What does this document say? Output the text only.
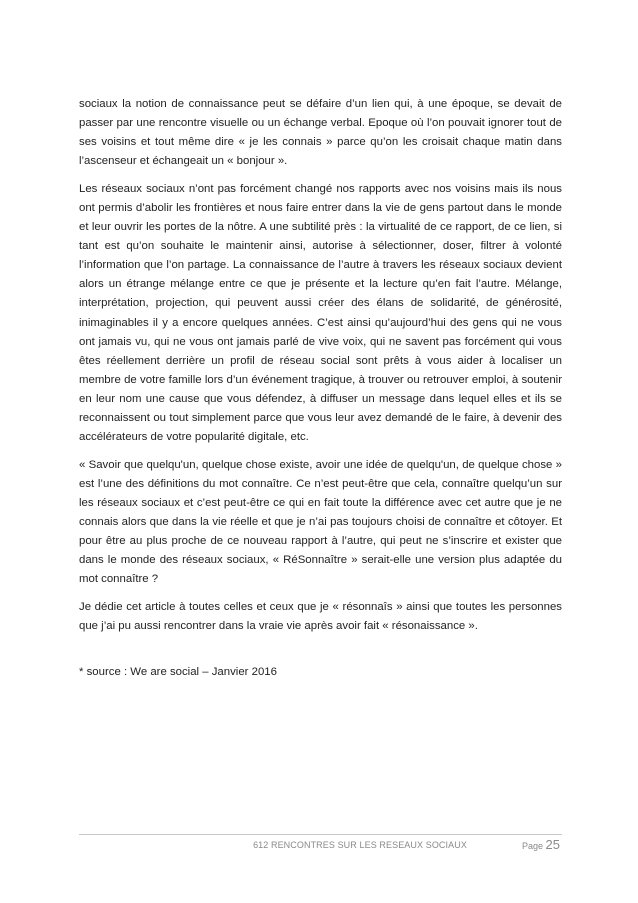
sociaux la notion de connaissance peut se défaire d’un lien qui, à une époque, se devait de passer par une rencontre visuelle ou un échange verbal. Epoque où l’on pouvait ignorer tout de ses voisins et tout même dire « je les connais » parce qu’on les croisait chaque matin dans l’ascenseur et échangeait un « bonjour ».

Les réseaux sociaux n’ont pas forcément changé nos rapports avec nos voisins mais ils nous ont permis d’abolir les frontières et nous faire entrer dans la vie de gens partout dans le monde et leur ouvrir les portes de la nôtre. A une subtilité près : la virtualité de ce rapport, de ce lien, si tant est qu’on souhaite le maintenir ainsi, autorise à sélectionner, doser, filtrer à volonté l’information que l’on partage. La connaissance de l’autre à travers les réseaux sociaux devient alors un étrange mélange entre ce que je présente et la lecture qu’en fait l’autre. Mélange, interprétation, projection, qui peuvent aussi créer des élans de solidarité, de générosité, inimaginables il y a encore quelques années. C’est ainsi qu’aujourd’hui des gens qui ne vous ont jamais vu, qui ne vous ont jamais parlé de vive voix, qui ne savent pas forcément qui vous êtes réellement derrière un profil de réseau social sont prêts à vous aider à localiser un membre de votre famille lors d’un événement tragique, à trouver ou retrouver emploi, à soutenir en leur nom une cause que vous défendez, à diffuser un message dans lequel elles et ils se reconnaissent ou tout simplement parce que vous leur avez demandé de le faire, à devenir des accélérateurs de votre popularité digitale, etc.

« Savoir que quelqu'un, quelque chose existe, avoir une idée de quelqu'un, de quelque chose » est l’une des définitions du mot connaître. Ce n’est peut-être que cela, connaître quelqu’un sur les réseaux sociaux et c’est peut-être ce qui en fait toute la différence avec cet autre que je ne connais alors que dans la vie réelle et que je n’ai pas toujours choisi de connaître et côtoyer. Et pour être au plus proche de ce nouveau rapport à l’autre, qui peut ne s’inscrire et exister que dans le monde des réseaux sociaux, « RéSonnaître » serait-elle une version plus adaptée du mot connaître ?

Je dédie cet article à toutes celles et ceux que je « résonnaîs » ainsi que toutes les personnes que j’ai pu aussi rencontrer dans la vraie vie après avoir fait « résonaissance ».

* source : We are social – Janvier 2016

612 RENCONTRES SUR LES RESEAUX SOCIAUX	Page 25
